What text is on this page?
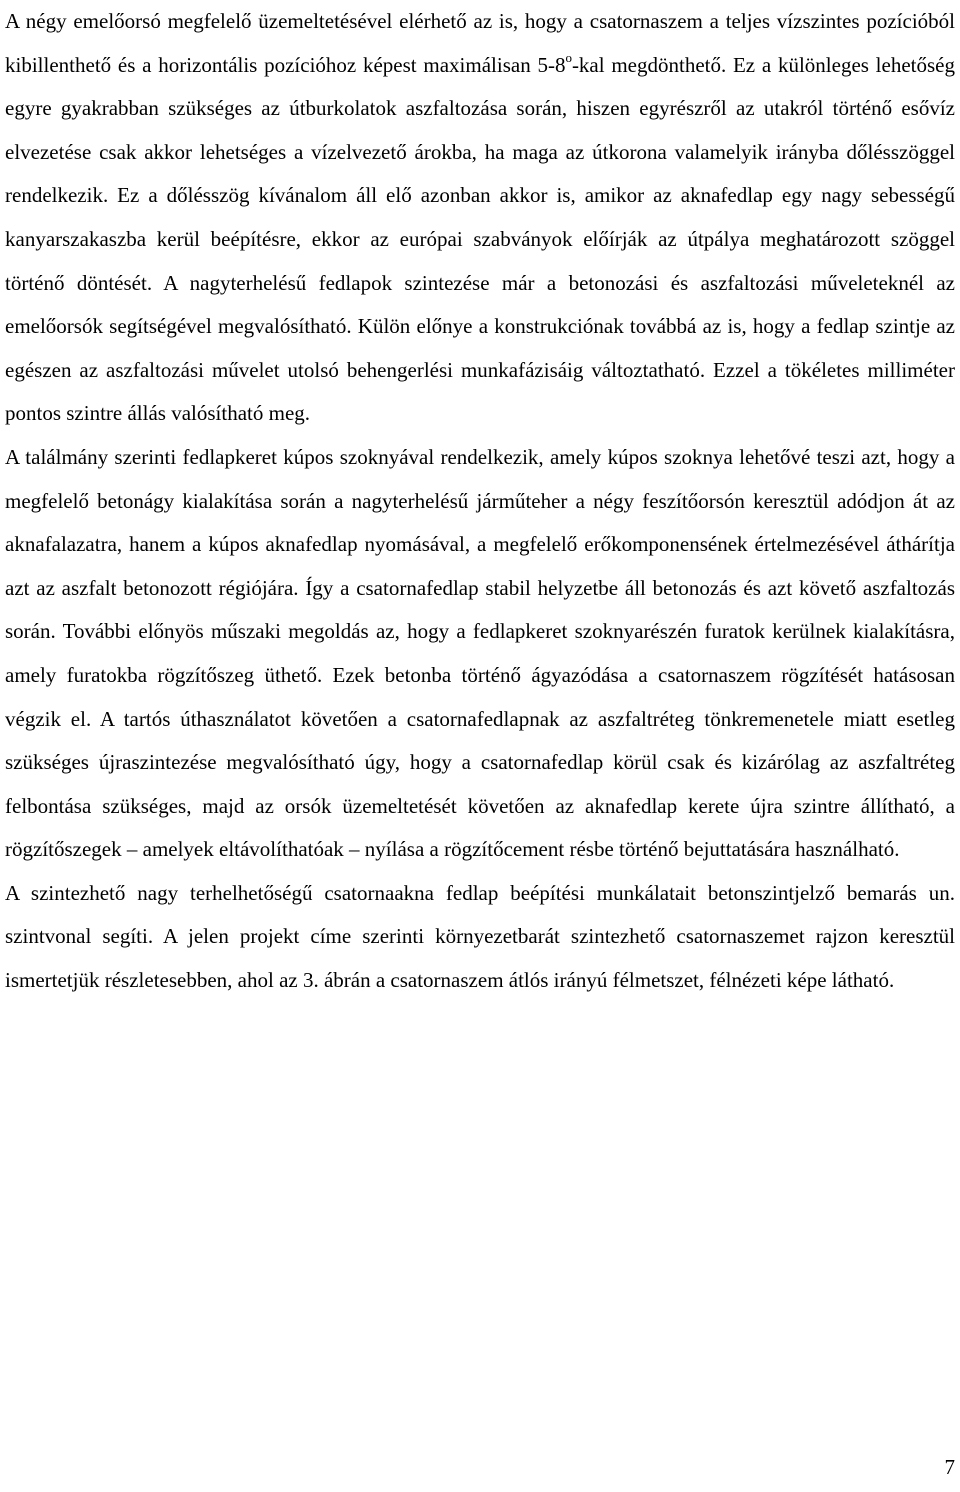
A négy emelőorsó megfelelő üzemeltetésével elérhető az is, hogy a csatornaszem a teljes vízszintes pozícióból kibillenthető és a horizontális pozícióhoz képest maximálisan 5-8$^o$-kal megdönthető. Ez a különleges lehetőség egyre gyakrabban szükséges az útburkolatok aszfaltozása során, hiszen egyrészről az utakról történő esővíz elvezetése csak akkor lehetséges a vízelvezető árokba, ha maga az útkorona valamelyik irányba dőlésszöggel rendelkezik. Ez a dőlésszög kívánalom áll elő azonban akkor is, amikor az aknafedlap egy nagy sebességű kanyarszakaszba kerül beépítésre, ekkor az európai szabványok előírják az útpálya meghatározott szöggel történő döntését. A nagyterhelésű fedlapok szintezése már a betonozási és aszfaltozási műveleteknél az emelőorsók segítségével megvalósítható. Külön előnye a konstrukciónak továbbá az is, hogy a fedlap szintje az egészen az aszfaltozási művelet utolsó behengerlési munkafázisáig változtatható. Ezzel a tökéletes milliméter pontos szintre állás valósítható meg.

A találmány szerinti fedlapkeret kúpos szoknyával rendelkezik, amely kúpos szoknya lehetővé teszi azt, hogy a megfelelő betonágy kialakítása során a nagyterhelésű járműteher a négy feszítőorsón keresztül adódjon át az aknafalazatra, hanem a kúpos aknafedlap nyomásával, a megfelelő erőkomponensének értelmezésével áthárítja azt az aszfalt betonozott régiójára. Így a csatornafedlap stabil helyzetbe áll betonozás és azt követő aszfaltozás során. További előnyös műszaki megoldás az, hogy a fedlapkeret szoknyarészén furatok kerülnek kialakításra, amely furatokba rögzítőszeg üthető. Ezek betonba történő ágyazódása a csatornaszem rögzítését hatásosan végzik el. A tartós úthasználatot követően a csatornafedlapnak az aszfaltréteg tönkremenetele miatt esetleg szükséges újraszintezése megvalósítható úgy, hogy a csatornafedlap körül csak és kizárólag az aszfaltréteg felbontása szükséges, majd az orsók üzemeltetését követően az aknafedlap kerete újra szintre állítható, a rögzítőszegek – amelyek eltávolíthatóak – nyílása a rögzítőcement résbe történő bejuttatására használható.

A szintezhető nagy terhelhetőségű csatornaakna fedlap beépítési munkálatait betonszintjelző bemarás un. szintvonal segíti. A jelen projekt címe szerinti környezetbarát szintezhető csatornaszemet rajzon keresztül ismertetjük részletesebben, ahol az 3. ábrán a csatornaszem átlós irányú félmetszet, félnézeti képe látható.

7
